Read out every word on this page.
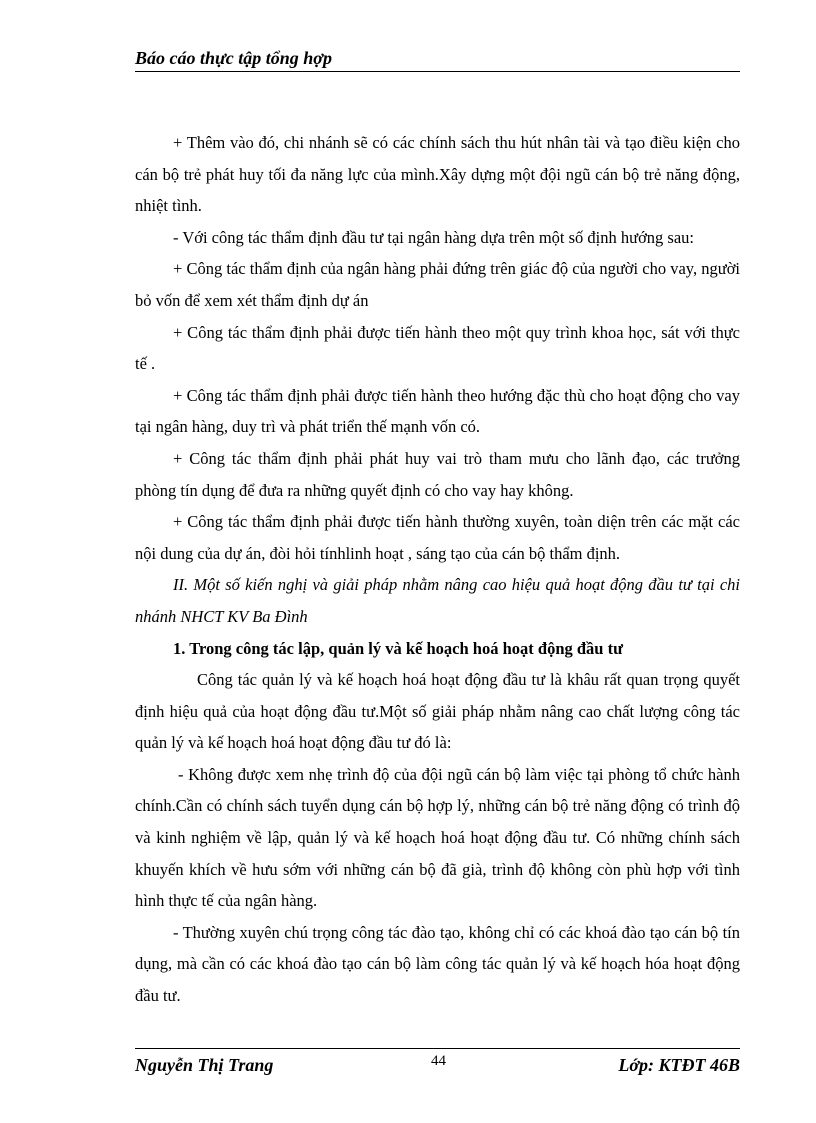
Báo cáo thực tập tổng hợp

+ Thêm vào đó, chi nhánh sẽ có các chính sách thu hút nhân tài và tạo điều kiện cho cán bộ trẻ phát huy tối đa năng lực của mình.Xây dựng một đội ngũ cán bộ trẻ năng động, nhiệt tình.

- Với công tác thẩm định đầu tư tại ngân hàng dựa trên một số định hướng sau:

+ Công tác thẩm định của ngân hàng phải đứng trên giác độ của người cho vay, người bỏ vốn để xem xét thẩm định dự án

+ Công tác thẩm định phải được tiến hành theo một quy trình khoa học, sát với thực tế .

+ Công tác thẩm định phải được tiến hành theo hướng đặc thù cho hoạt động cho vay tại ngân hàng, duy trì và phát triển thế mạnh vốn có.

+ Công tác thẩm định phải phát huy vai trò tham mưu cho lãnh đạo, các trưởng phòng tín dụng để đưa ra những quyết định có cho vay hay không.

+ Công tác thẩm định phải được tiến hành thường xuyên, toàn diện trên các mặt các nội dung của dự án, đòi hỏi tínhlinh hoạt , sáng tạo của cán bộ thẩm định.

II. Một số kiến nghị và giải pháp nhằm nâng cao hiệu quả hoạt động đầu tư tại chi nhánh NHCT KV Ba Đình

1. Trong công tác lập, quản lý và kế hoạch hoá hoạt động đầu tư

Công tác quản lý và kế hoạch hoá hoạt động đầu tư là khâu rất quan trọng quyết định hiệu quả của hoạt động đầu tư.Một số giải pháp nhằm nâng cao chất lượng công tác quản lý và kế hoạch hoá hoạt động đầu tư đó là:

- Không được xem nhẹ trình độ của đội ngũ cán bộ làm việc tại phòng tổ chức hành chính.Cần có chính sách tuyển dụng cán bộ hợp lý, những cán bộ trẻ năng động có trình độ và kinh nghiệm về lập, quản lý và kế hoạch hoá hoạt động đầu tư. Có những chính sách khuyến khích về hưu sớm với những cán bộ đã già, trình độ không còn phù hợp với tình hình thực tế của ngân hàng.

- Thường xuyên chú trọng công tác đào tạo, không chỉ có các khoá đào tạo cán bộ tín dụng, mà cần có các khoá đào tạo cán bộ làm công tác quản lý và kế hoạch hóa hoạt động đầu tư.

Nguyễn Thị Trang	44	Lớp: KTĐT 46B
